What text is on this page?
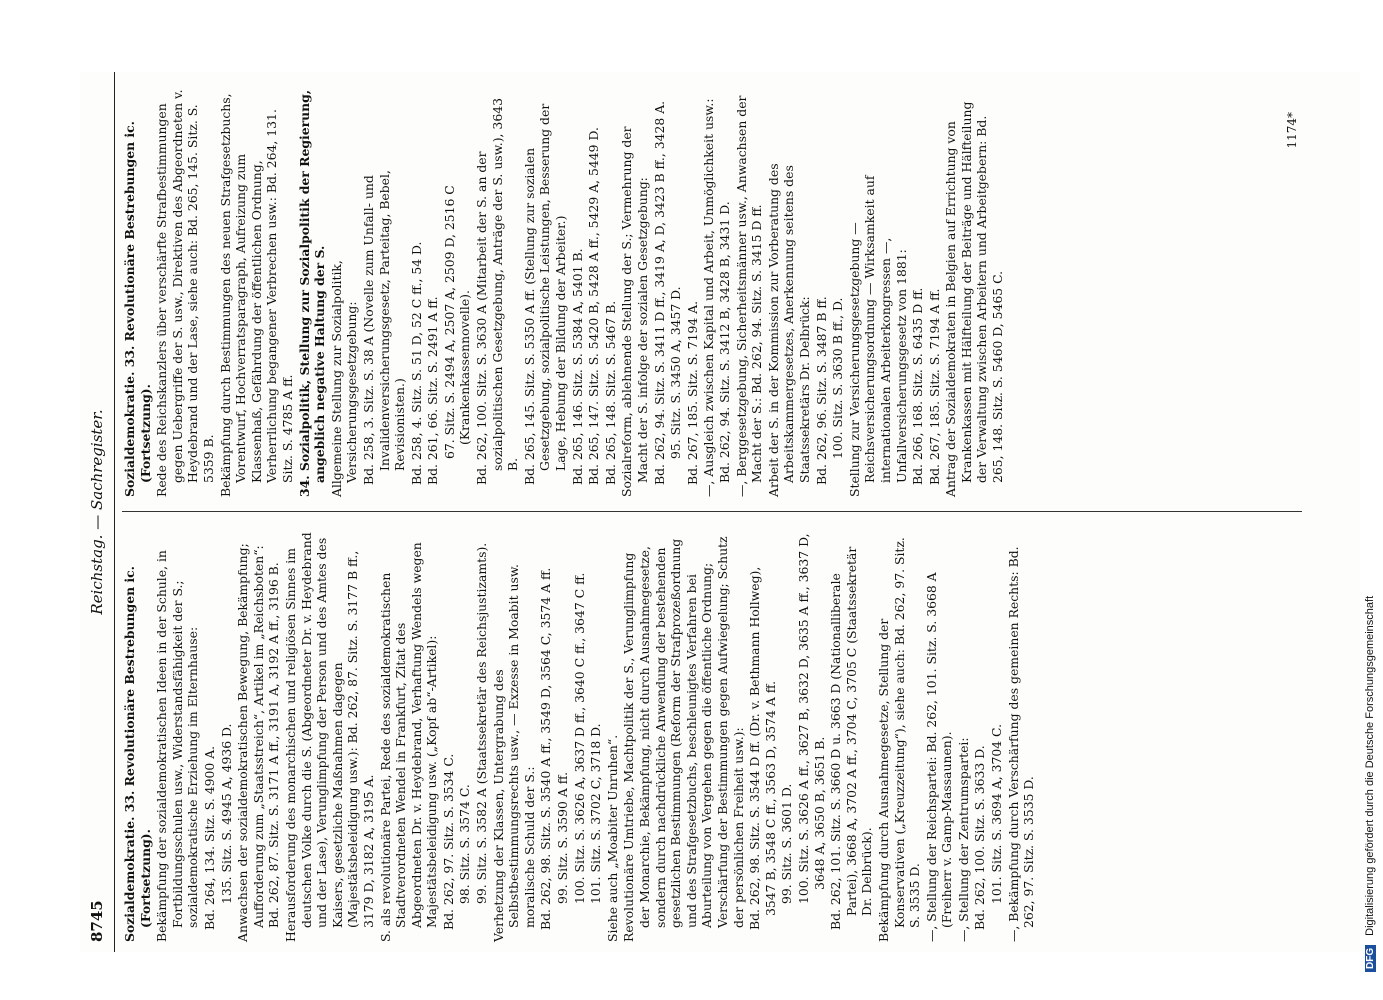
8745
Reichstag. — Sachregister.

Sozialdemokratie. 33. Revolutionäre Bestrebungen ic. (Fortsetzung). Bekämpfung der sozialdemokratischen Ideen in der Schule, in Fortbildungsschulen usw., Widerstandsfähigkeit der S.; sozialdemokratische Erziehung im Elternhause: Bd. 264, 134. Sitz. S. 4900 A. 135. Sitz. S. 4945 A, 4936 D. Anwachsen der sozialdemokratischen Bewegung, Bekämpfung; Aufforderung zum „Staatsstreich“, Artikel im „Reichsboten“: Bd. 262, 87. Sitz. S. 3171 A ff., 3191 A, 3192 A ff., 3196 B. Herausforderung des monarchischen und religiösen Sinnes im deutschen Volke durch die S. (Abgeordneter Dr. v. Heydebrand und der Lase), Verunglimpfung der Person und des Amtes des Kaisers, gesetzliche Maßnahmen dagegen (Majestätsbeleidigung usw.): Bd. 262, 87. Sitz. S. 3177 B ff., 3179 D, 3182 A, 3195 A. S. als revolutionäre Partei, Rede des sozialdemokratischen Stadtverordneten Wendel in Frankfurt, Zitat des Abgeordneten Dr. v. Heydebrand, Verhaftung Wendels wegen Majestätsbeleidigung usw. („Kopf ab“-Artikel): Bd. 262, 97. Sitz. S. 3534 C. 98. Sitz. S. 3574 C. 99. Sitz. S. 3582 A (Staatssekretär des Reichsjustizamts). Verhetzung der Klassen, Untergrabung des Selbstbestimmungsrechts usw., — Exzesse in Moabit usw. moralische Schuld der S.: Bd. 262, 98. Sitz. S. 3540 A ff., 3549 D, 3564 C, 3574 A ff. 99. Sitz. S. 3590 A ff. 100. Sitz. S. 3626 A, 3637 D ff., 3640 C ff., 3647 C ff. 101. Sitz. S. 3702 C, 3718 D. Siehe auch „Moabiter Unruhen“. Revolutionäre Umtriebe, Machtpolitik der S., Verunglimpfung der Monarchie, Bekämpfung, nicht durch Ausnahmegesetze, sondern durch nachdrückliche Anwendung der bestehenden gesetzlichen Bestimmungen (Reform der Strafprozeßordnung und des Strafgesetzbuchs, beschleunigtes Verfahren bei Aburteilung von Vergehen gegen die öffentliche Ordnung; Verschärfung der Bestimmungen gegen Aufwiegelung; Schutz der persönlichen Freiheit usw.): Bd. 262, 98. Sitz. S. 3544 D ff. (Dr. v. Bethmann Hollweg), 3547 B, 3548 C ff., 3563 D, 3574 A ff. 99. Sitz. S. 3601 D. 100. Sitz. S. 3626 A ff., 3627 B, 3632 D, 3635 A ff., 3637 D, 3648 A, 3650 B, 3651 B. Bd. 262, 101. Sitz. S. 3660 D u. 3663 D (Nationalliberale Partei), 3668 A, 3702 A ff., 3704 C, 3705 C (Staatssekretär Dr. Delbrück). Bekämpfung durch Ausnahmegesetze, Stellung der Konservativen („Kreuzzeitung“), siehe auch: Bd. 262, 97. Sitz. S. 3535 D. —, Stellung der Reichspartei: Bd. 262, 101. Sitz. S. 3668 A (Freiherr v. Gamp-Massaunen). —, Stellung der Zentrumspartei: Bd. 262, 100. Sitz. S. 3633 D. 101. Sitz. S. 3694 A, 3704 C. —, Bekämpfung durch Verschärfung des gemeinen Rechts: Bd. 262, 97. Sitz. S. 3535 D.

Sozialdemokratie. 33. Revolutionäre Bestrebungen ic. (Fortsetzung). Rede des Reichskanzlers über verschärfte Strafbestimmungen gegen Uebergriffe der S. usw., Direktiven des Abgeordneten v. Heydebrand und der Lase, siehe auch: Bd. 265, 145. Sitz. S. 5359 B. Bekämpfung durch Bestimmungen des neuen Strafgesetzbuchs, Vorentwurf, Hochverratsparagraph, Aufreizung zum Klassenhaß, Gefährdung der öffentlichen Ordnung, Verherrlichung begangener Verbrechen usw.: Bd. 264, 131. Sitz. S. 4785 A ff. 34. Sozialpolitik, Stellung zur Sozialpolitik der Regierung, angeblich negative Haltung der S. Allgemeine Stellung zur Sozialpolitik, Versicherungsgesetzgebung: Bd. 258, 3. Sitz. S. 38 A (Novelle zum Unfall- und Invalidenversicherungsgesetz, Parteitag, Bebel, Revisionisten.) Bd. 258, 4. Sitz. S. 51 D, 52 C ff., 54 D. Bd. 261, 66. Sitz. S. 2491 A ff. 67. Sitz. S. 2494 A, 2507 A, 2509 D, 2516 C (Krankenkassennovelle). Bd. 262, 100. Sitz. S. 3630 A (Mitarbeit der S. an der sozialpolitischen Gesetzgebung, Anträge der S. usw.), 3643 B. Bd. 265, 145. Sitz. S. 5350 A ff. (Stellung zur sozialen Gesetzgebung, sozialpolitische Leistungen, Besserung der Lage, Hebung der Bildung der Arbeiter.) Bd. 265, 146. Sitz. S. 5384 A, 5401 B. Bd. 265, 147. Sitz. S. 5420 B, 5428 A ff., 5429 A, 5449 D. Bd. 265, 148. Sitz. S. 5467 B. Sozialreform, ablehnende Stellung der S.; Vermehrung der Macht der S. infolge der sozialen Gesetzgebung: Bd. 262, 94. Sitz. S. 3411 D ff., 3419 A, D, 3423 B ff., 3428 A. 95. Sitz. S. 3450 A, 3457 D. Bd. 267, 185. Sitz. S. 7194 A. —, Ausgleich zwischen Kapital und Arbeit, Unmöglichkeit usw.: Bd. 262, 94. Sitz. S. 3412 B, 3428 B, 3431 D. —, Berggesetzgebung, Sicherheitsmänner usw., Anwachsen der Macht der S.: Bd. 262, 94. Sitz. S. 3415 D ff. Arbeit der S. in der Kommission zur Vorberatung des Arbeitskammergesetzes, Anerkennung seitens des Staatssekretärs Dr. Delbrück: Bd. 262, 96. Sitz. S. 3487 B ff. 100. Sitz. S. 3630 B ff., D. Stellung zur Versicherungsgesetzgebung — Reichsversicherungsordnung — Wirksamkeit auf internationalen Arbeiterkongressen —, Unfallversicherungsgesetz von 1881: Bd. 266, 168. Sitz. S. 6435 D ff. Bd. 267, 185. Sitz. S. 7194 A ff. Antrag der Sozialdemokraten in Belgien auf Errichtung von Krankenkassen mit Hälfteilung der Beiträge und Hälfteilung der Verwaltung zwischen Arbeitern und Arbeitgebern: Bd. 265, 148. Sitz. S. 5460 D, 5465 C.

1174*
DFG Digitalisierung gefördert durch die Deutsche Forschungsgemeinschaft
